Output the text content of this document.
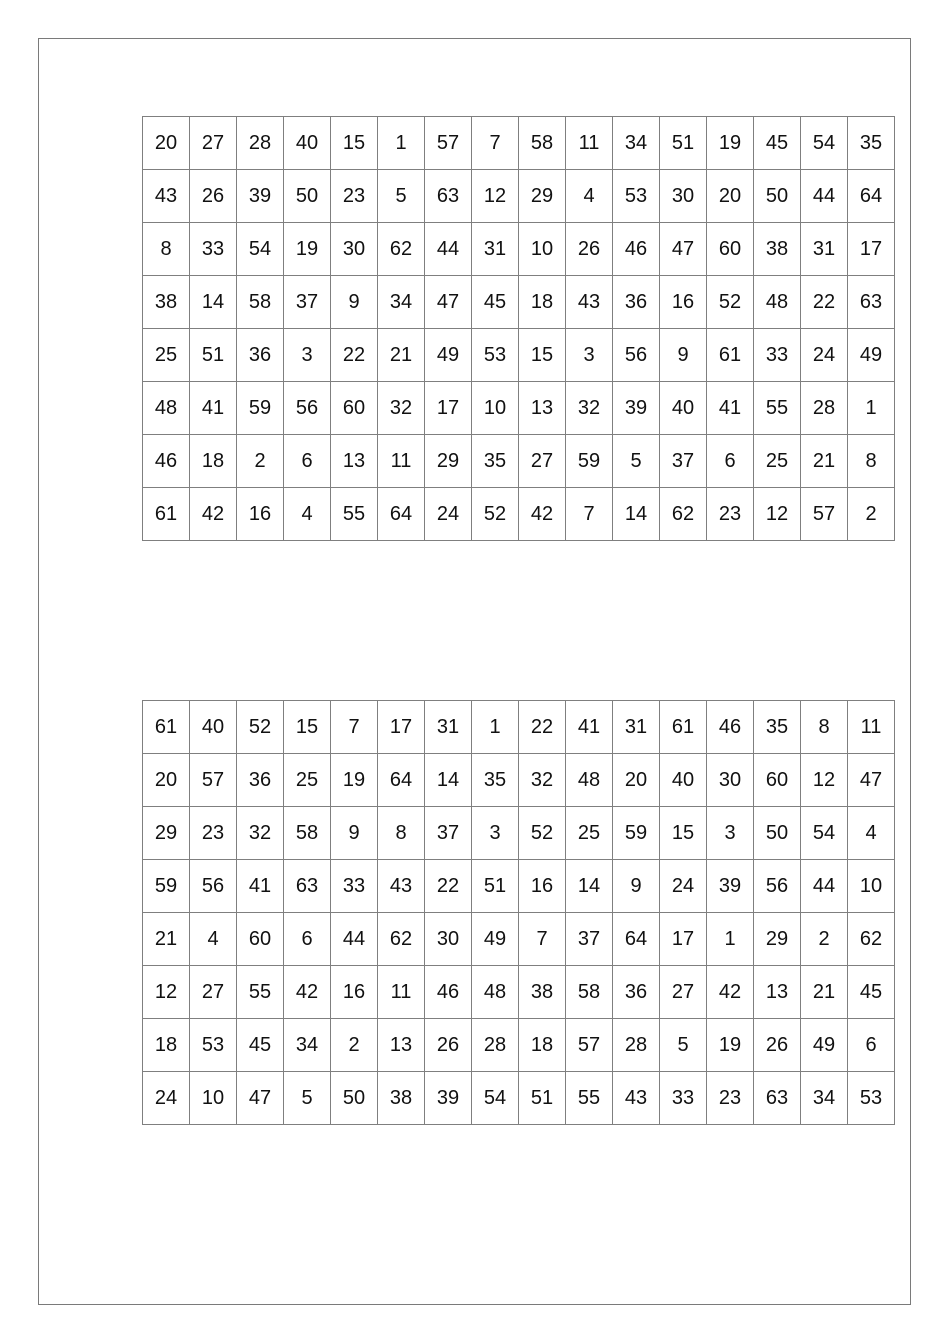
20	27	28	40	15	1	57	7	58	11	34	51	19	45	54	35
43	26	39	50	23	5	63	12	29	4	53	30	20	50	44	64
8	33	54	19	30	62	44	31	10	26	46	47	60	38	31	17
38	14	58	37	9	34	47	45	18	43	36	16	52	48	22	63
25	51	36	3	22	21	49	53	15	3	56	9	61	33	24	49
48	41	59	56	60	32	17	10	13	32	39	40	41	55	28	1
46	18	2	6	13	11	29	35	27	59	5	37	6	25	21	8
61	42	16	4	55	64	24	52	42	7	14	62	23	12	57	2
61	40	52	15	7	17	31	1	22	41	31	61	46	35	8	11
20	57	36	25	19	64	14	35	32	48	20	40	30	60	12	47
29	23	32	58	9	8	37	3	52	25	59	15	3	50	54	4
59	56	41	63	33	43	22	51	16	14	9	24	39	56	44	10
21	4	60	6	44	62	30	49	7	37	64	17	1	29	2	62
12	27	55	42	16	11	46	48	38	58	36	27	42	13	21	45
18	53	45	34	2	13	26	28	18	57	28	5	19	26	49	6
24	10	47	5	50	38	39	54	51	55	43	33	23	63	34	53
